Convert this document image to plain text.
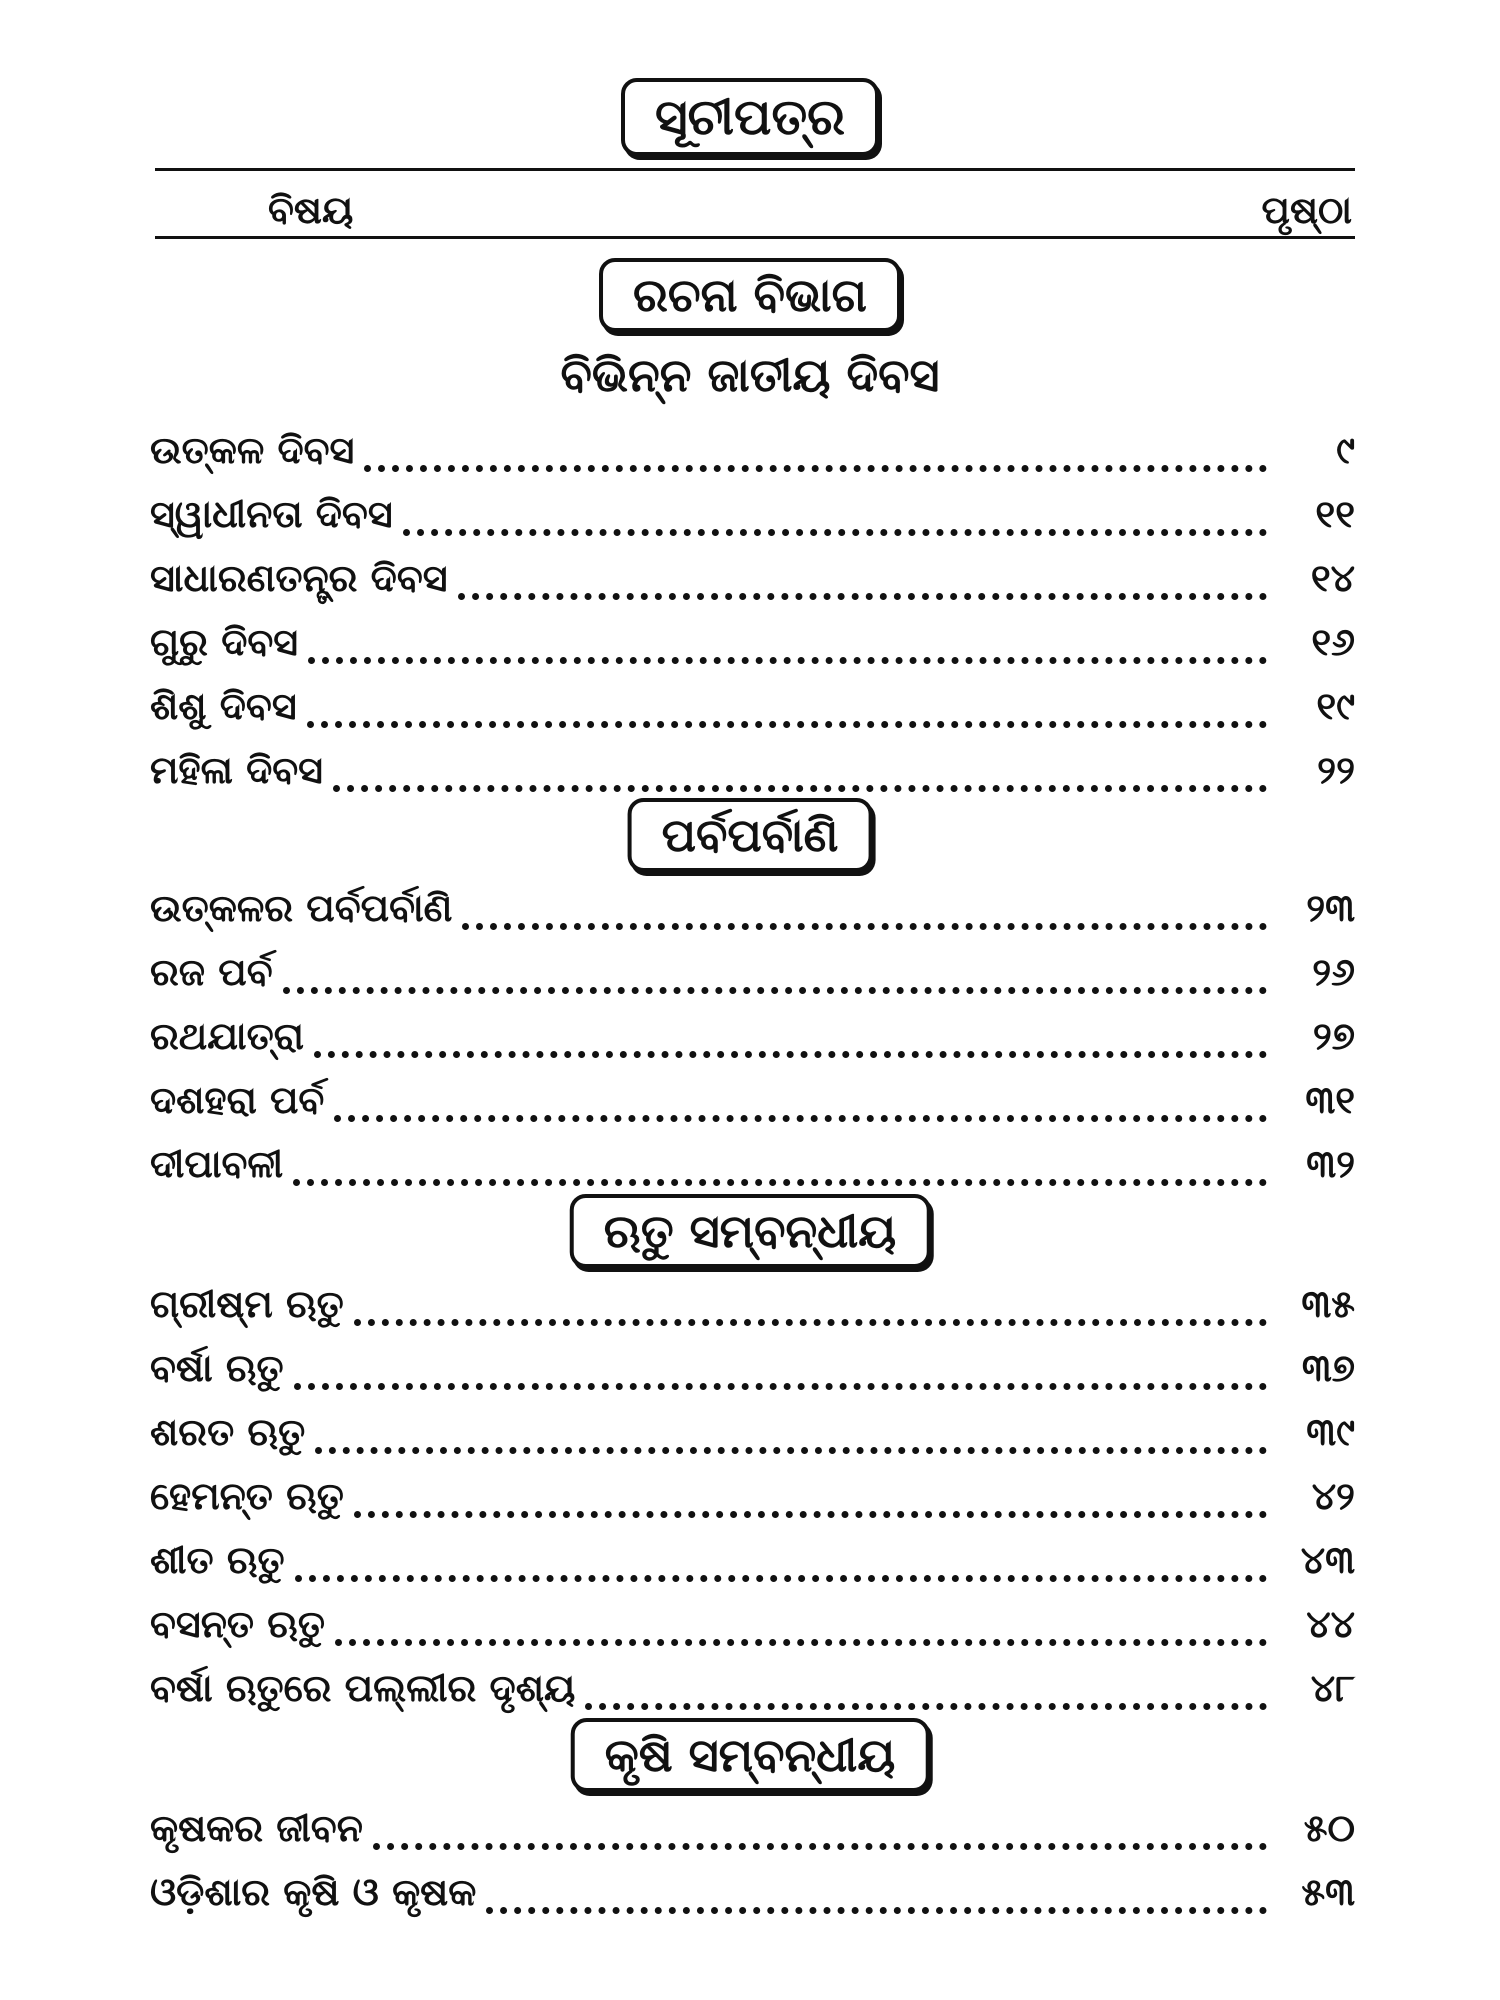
ସୂଚୀପତ୍ର
ବିଷୟ	ପୃଷ୍ଠା
ରଚନା ବିଭାଗ
ବିଭିନ୍ନ ଜାତୀୟ ଦିବସ
ଉତ୍କଳ ଦିବସ	୯
ସ୍ୱାଧୀନତା ଦିବସ	୧୧
ସାଧାରଣତନ୍ତ୍ର ଦିବସ	୧୪
ଗୁରୁ ଦିବସ	୧୬
ଶିଶୁ ଦିବସ	୧୯
ମହିଳା ଦିବସ	୨୨
ପର୍ବପର୍ବାଣି
ଉତ୍କଳର ପର୍ବପର୍ବାଣି	୨୩
ରଜ ପର୍ବ	୨୬
ରଥଯାତ୍ରା	୨୭
ଦଶହରା ପର୍ବ	୩୧
ଦୀପାବଳୀ	୩୨
ଋତୁ ସମ୍ବନ୍ଧୀୟ
ଗ୍ରୀଷ୍ମ ଋତୁ	୩୫
ବର୍ଷା ଋତୁ	୩୭
ଶରତ ଋତୁ	୩୯
ହେମନ୍ତ ଋତୁ	୪୨
ଶୀତ ଋତୁ	୪୩
ବସନ୍ତ ଋତୁ	୪୪
ବର୍ଷା ଋତୁରେ ପଲ୍ଲୀର ଦୃଶ୍ୟ	୪୮
କୃଷି ସମ୍ବନ୍ଧୀୟ
କୃଷକର ଜୀବନ	୫୦
ଓଡ଼ିଶାର କୃଷି ଓ କୃଷକ	୫୩
